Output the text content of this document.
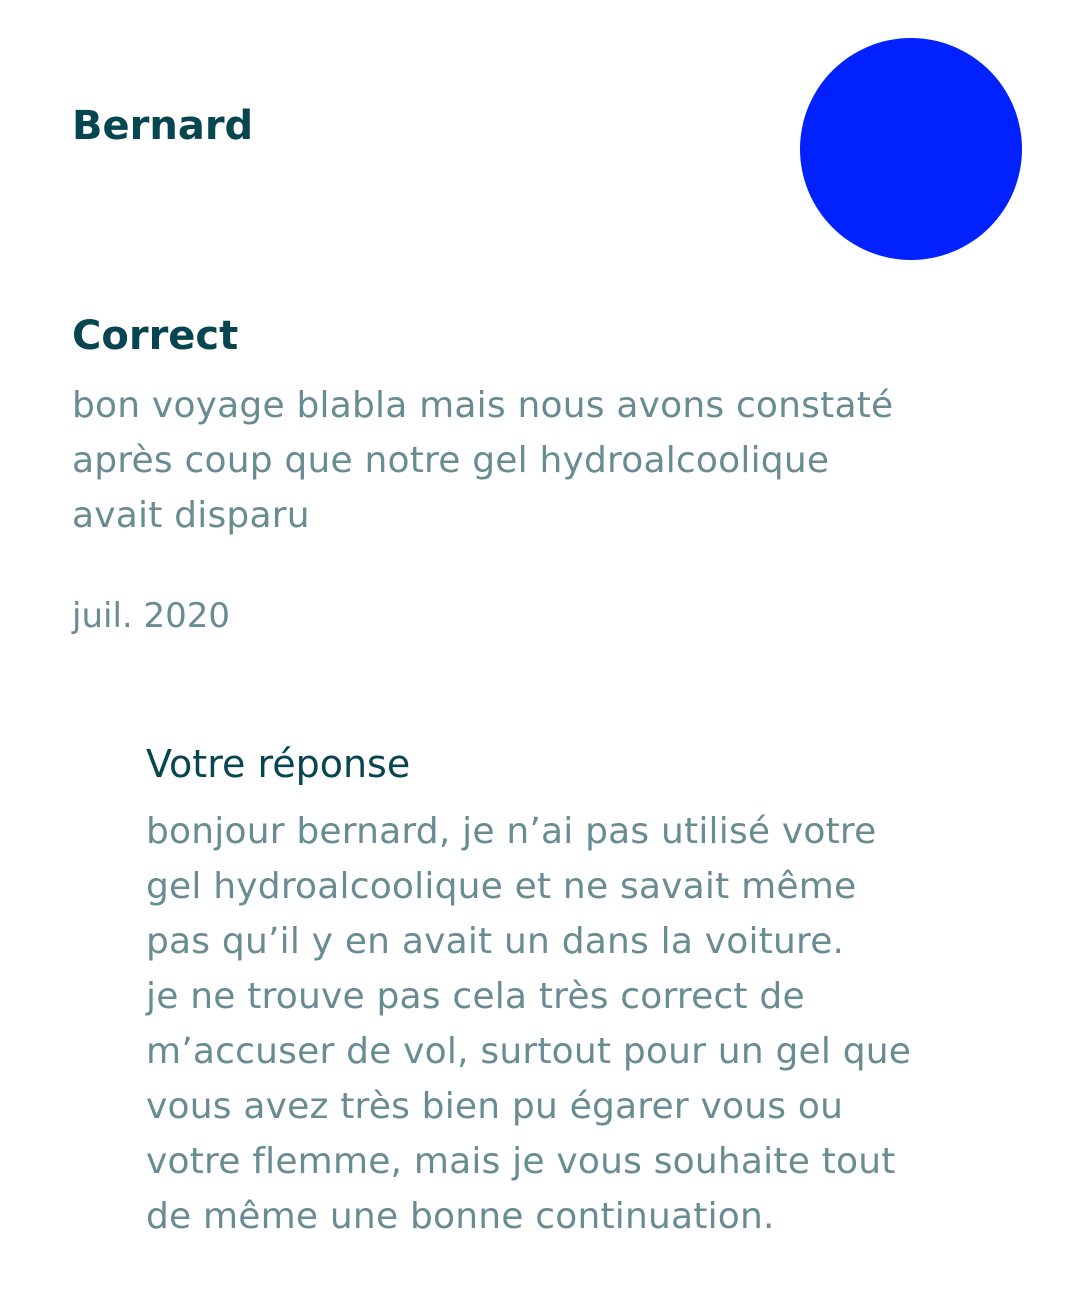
Bernard
Correct

bon voyage blabla mais nous avons constaté
après coup que notre gel hydroalcoolique
avait disparu

juil. 2020

Votre réponse

bonjour bernard, je n’ai pas utilisé votre
gel hydroalcoolique et ne savait même
pas qu’il y en avait un dans la voiture.
je ne trouve pas cela très correct de
m’accuser de vol, surtout pour un gel que
vous avez très bien pu égarer vous ou
votre flemme, mais je vous souhaite tout
de même une bonne continuation.
